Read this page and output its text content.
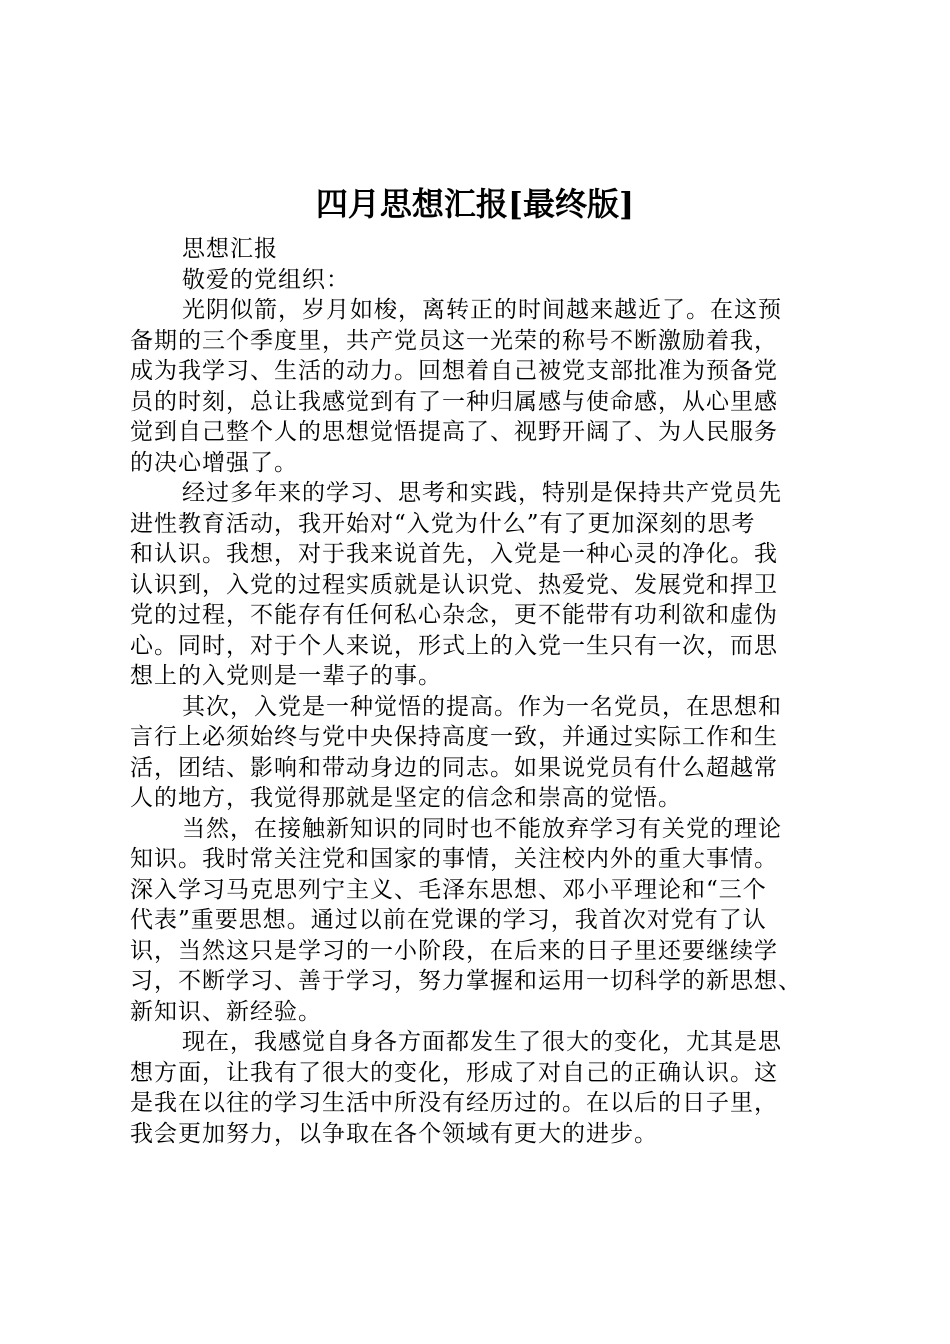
四月思想汇报[最终版]
思想汇报
敬爱的党组织：
光阴似箭，岁月如梭，离转正的时间越来越近了。在这预
备期的三个季度里，共产党员这一光荣的称号不断激励着我，
成为我学习、生活的动力。回想着自己被党支部批准为预备党
员的时刻，总让我感觉到有了一种归属感与使命感，从心里感
觉到自己整个人的思想觉悟提高了、视野开阔了、为人民服务
的决心增强了。
经过多年来的学习、思考和实践，特别是保持共产党员先
进性教育活动，我开始对“入党为什么”有了更加深刻的思考
和认识。我想，对于我来说首先，入党是一种心灵的净化。我
认识到，入党的过程实质就是认识党、热爱党、发展党和捍卫
党的过程，不能存有任何私心杂念，更不能带有功利欲和虚伪
心。同时，对于个人来说，形式上的入党一生只有一次，而思
想上的入党则是一辈子的事。
其次，入党是一种觉悟的提高。作为一名党员，在思想和
言行上必须始终与党中央保持高度一致，并通过实际工作和生
活，团结、影响和带动身边的同志。如果说党员有什么超越常
人的地方，我觉得那就是坚定的信念和崇高的觉悟。
当然，在接触新知识的同时也不能放弃学习有关党的理论
知识。我时常关注党和国家的事情，关注校内外的重大事情。
深入学习马克思列宁主义、毛泽东思想、邓小平理论和“三个
代表”重要思想。通过以前在党课的学习，我首次对党有了认
识，当然这只是学习的一小阶段，在后来的日子里还要继续学
习，不断学习、善于学习，努力掌握和运用一切科学的新思想、
新知识、新经验。
现在，我感觉自身各方面都发生了很大的变化，尤其是思
想方面，让我有了很大的变化，形成了对自己的正确认识。这
是我在以往的学习生活中所没有经历过的。在以后的日子里，
我会更加努力，以争取在各个领域有更大的进步。
